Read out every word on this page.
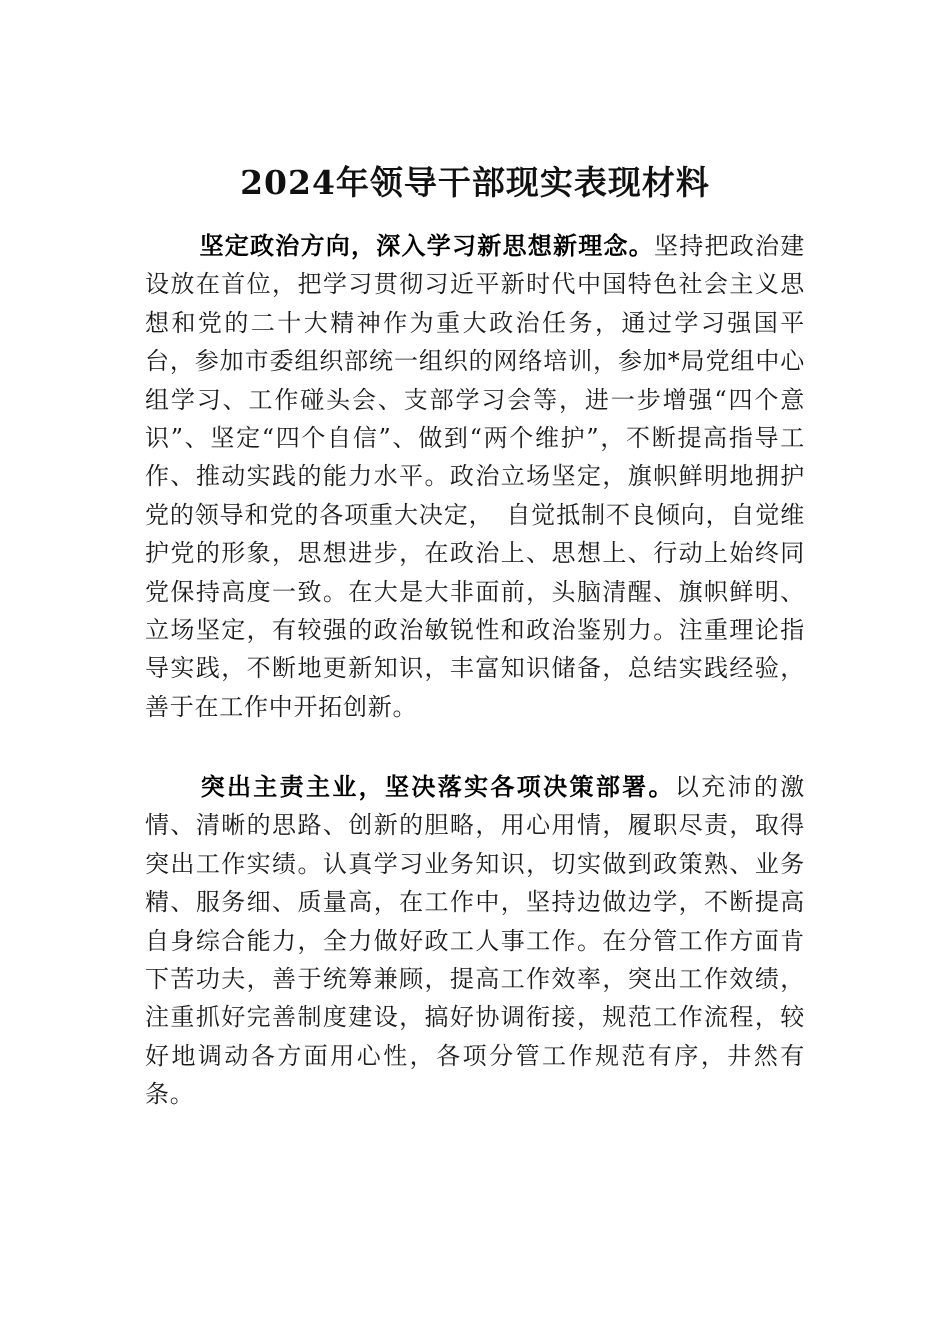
2024年领导干部现实表现材料

坚定政治方向，深入学习新思想新理念。坚持把政治建设放在首位，把学习贯彻习近平新时代中国特色社会主义思想和党的二十大精神作为重大政治任务，通过学习强国平台，参加市委组织部统一组织的网络培训，参加*局党组中心组学习、工作碰头会、支部学习会等，进一步增强“四个意识”、坚定“四个自信”、做到“两个维护”，不断提高指导工作、推动实践的能力水平。政治立场坚定，旗帜鲜明地拥护党的领导和党的各项重大决定，　自觉抵制不良倾向，自觉维护党的形象，思想进步，在政治上、思想上、行动上始终同党保持高度一致。在大是大非面前，头脑清醒、旗帜鲜明、立场坚定，有较强的政治敏锐性和政治鉴别力。注重理论指导实践，不断地更新知识，丰富知识储备，总结实践经验，善于在工作中开拓创新。

突出主责主业，坚决落实各项决策部署。以充沛的激情、清晰的思路、创新的胆略，用心用情，履职尽责，取得突出工作实绩。认真学习业务知识，切实做到政策熟、业务精、服务细、质量高，在工作中，坚持边做边学，不断提高自身综合能力，全力做好政工人事工作。在分管工作方面肯下苦功夫，善于统筹兼顾，提高工作效率，突出工作效绩，注重抓好完善制度建设，搞好协调衔接，规范工作流程，较好地调动各方面用心性，各项分管工作规范有序，井然有条。
